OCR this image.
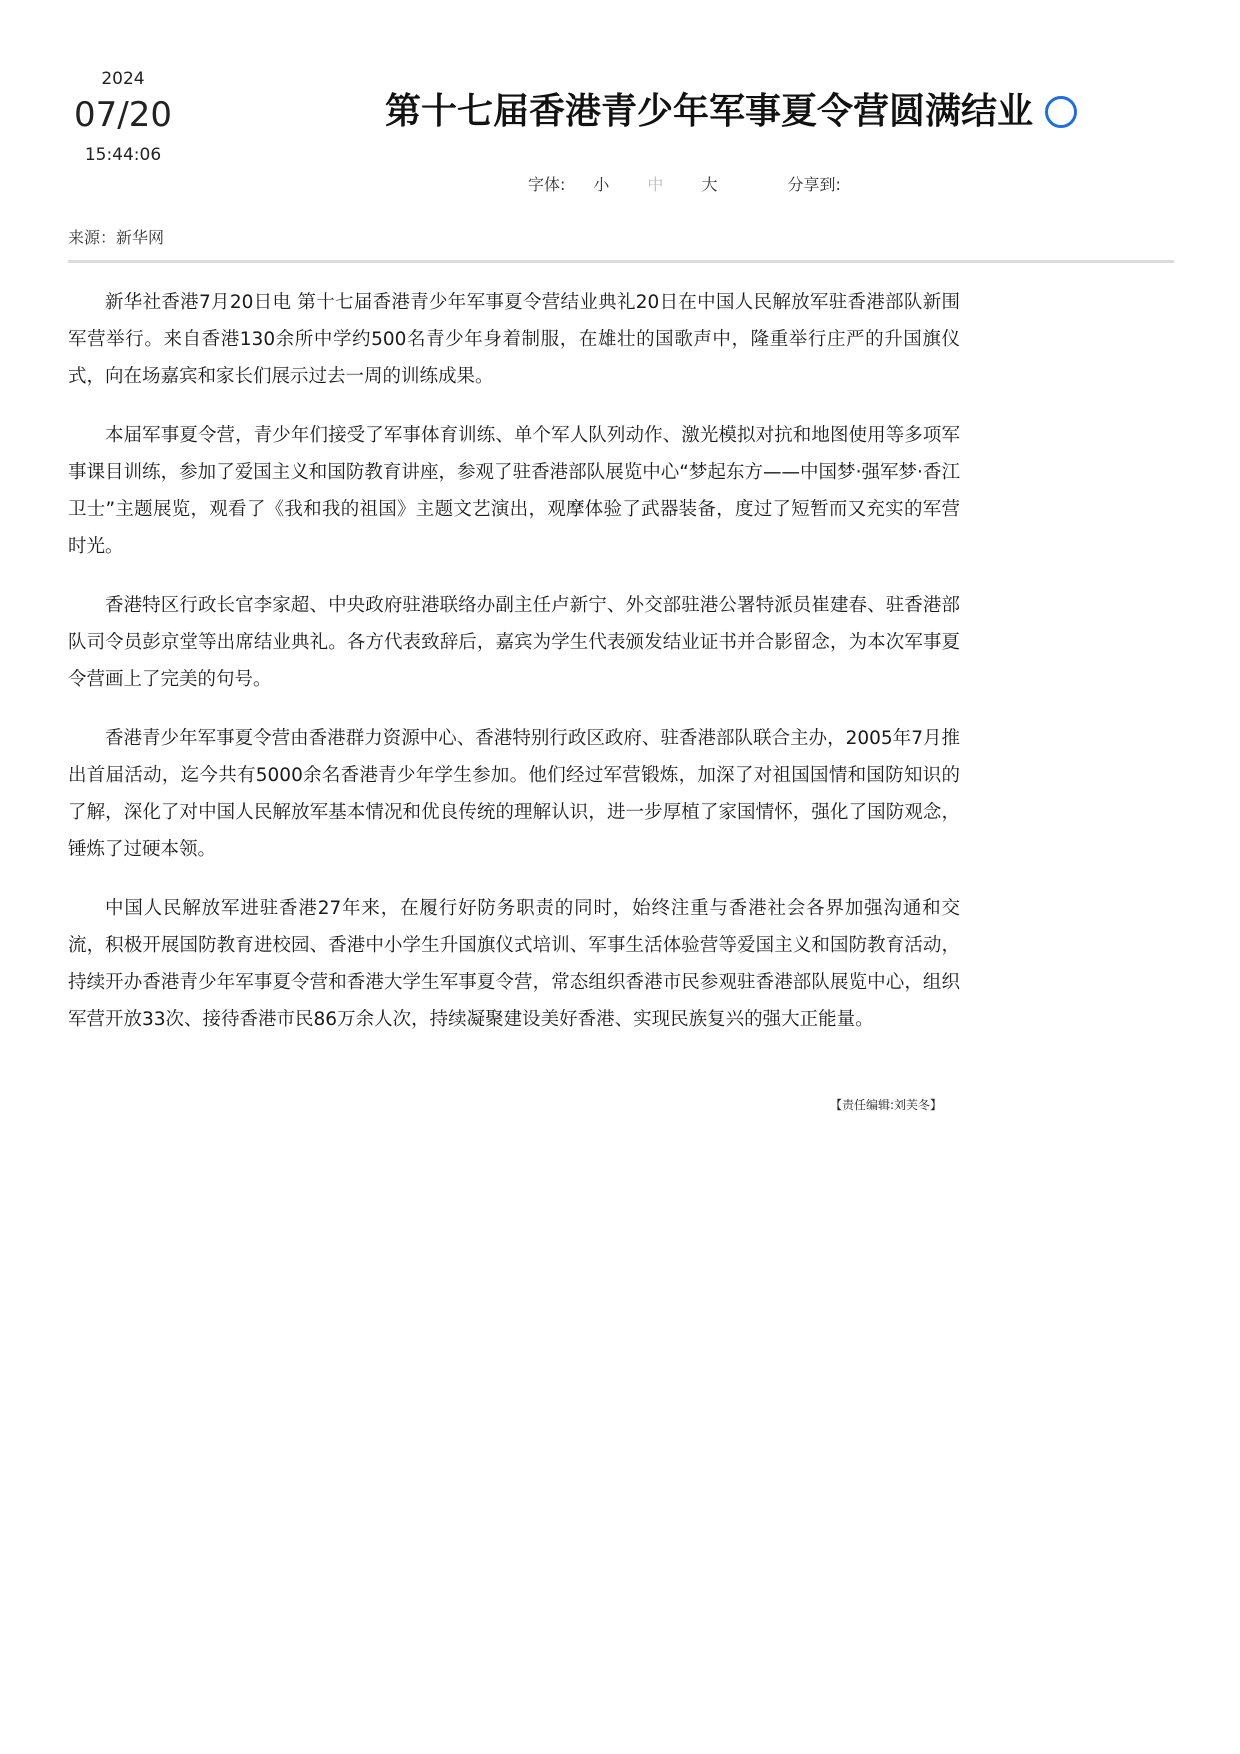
2024
07/20
15:44:06
第十七届香港青少年军事夏令营圆满结业
字体: 小 中 大	分享到:
来源：新华网

新华社香港7月20日电 第十七届香港青少年军事夏令营结业典礼20日在中国人民解放军驻香港部队新围军营举行。来自香港130余所中学约500名青少年身着制服，在雄壮的国歌声中，隆重举行庄严的升国旗仪式，向在场嘉宾和家长们展示过去一周的训练成果。

本届军事夏令营，青少年们接受了军事体育训练、单个军人队列动作、激光模拟对抗和地图使用等多项军事课目训练，参加了爱国主义和国防教育讲座，参观了驻香港部队展览中心“梦起东方——中国梦·强军梦·香江卫士”主题展览，观看了《我和我的祖国》主题文艺演出，观摩体验了武器装备，度过了短暂而又充实的军营时光。

香港特区行政长官李家超、中央政府驻港联络办副主任卢新宁、外交部驻港公署特派员崔建春、驻香港部队司令员彭京堂等出席结业典礼。各方代表致辞后，嘉宾为学生代表颁发结业证书并合影留念，为本次军事夏令营画上了完美的句号。

香港青少年军事夏令营由香港群力资源中心、香港特别行政区政府、驻香港部队联合主办，2005年7月推出首届活动，迄今共有5000余名香港青少年学生参加。他们经过军营锻炼，加深了对祖国国情和国防知识的了解，深化了对中国人民解放军基本情况和优良传统的理解认识，进一步厚植了家国情怀，强化了国防观念，锤炼了过硬本领。

中国人民解放军进驻香港27年来，在履行好防务职责的同时，始终注重与香港社会各界加强沟通和交流，积极开展国防教育进校园、香港中小学生升国旗仪式培训、军事生活体验营等爱国主义和国防教育活动，持续开办香港青少年军事夏令营和香港大学生军事夏令营，常态组织香港市民参观驻香港部队展览中心，组织军营开放33次、接待香港市民86万余人次，持续凝聚建设美好香港、实现民族复兴的强大正能量。

【责任编辑:刘芙冬】
